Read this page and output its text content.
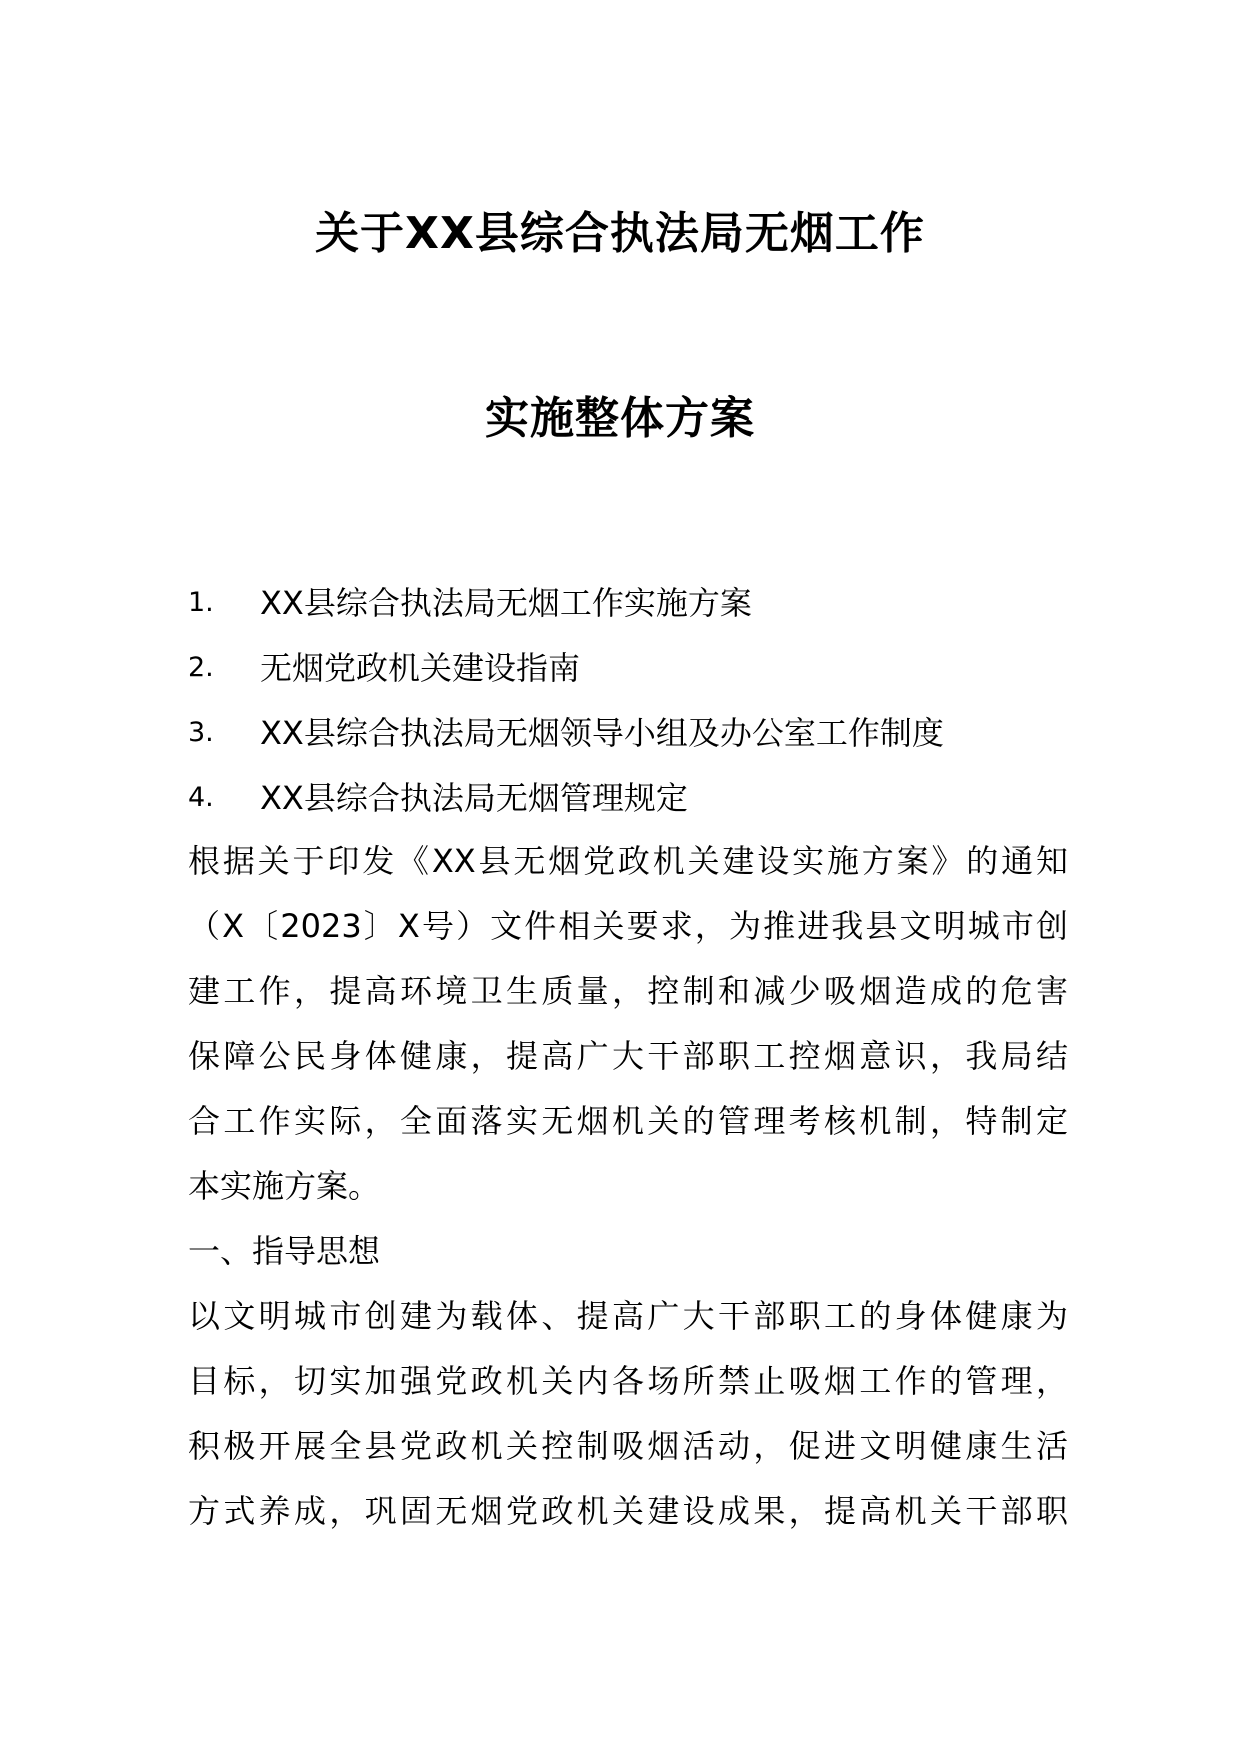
关于XX县综合执法局无烟工作
实施整体方案
1.	XX县综合执法局无烟工作实施方案
2.	无烟党政机关建设指南
3.	XX县综合执法局无烟领导小组及办公室工作制度
4.	XX县综合执法局无烟管理规定
根据关于印发《XX县无烟党政机关建设实施方案》的通知
（X〔2023〕X号）文件相关要求，为推进我县文明城市创
建工作，提高环境卫生质量，控制和减少吸烟造成的危害
保障公民身体健康，提高广大干部职工控烟意识，我局结
合工作实际，全面落实无烟机关的管理考核机制，特制定
本实施方案。
一、指导思想
以文明城市创建为载体、提高广大干部职工的身体健康为
目标，切实加强党政机关内各场所禁止吸烟工作的管理，
积极开展全县党政机关控制吸烟活动，促进文明健康生活
方式养成，巩固无烟党政机关建设成果，提高机关干部职
